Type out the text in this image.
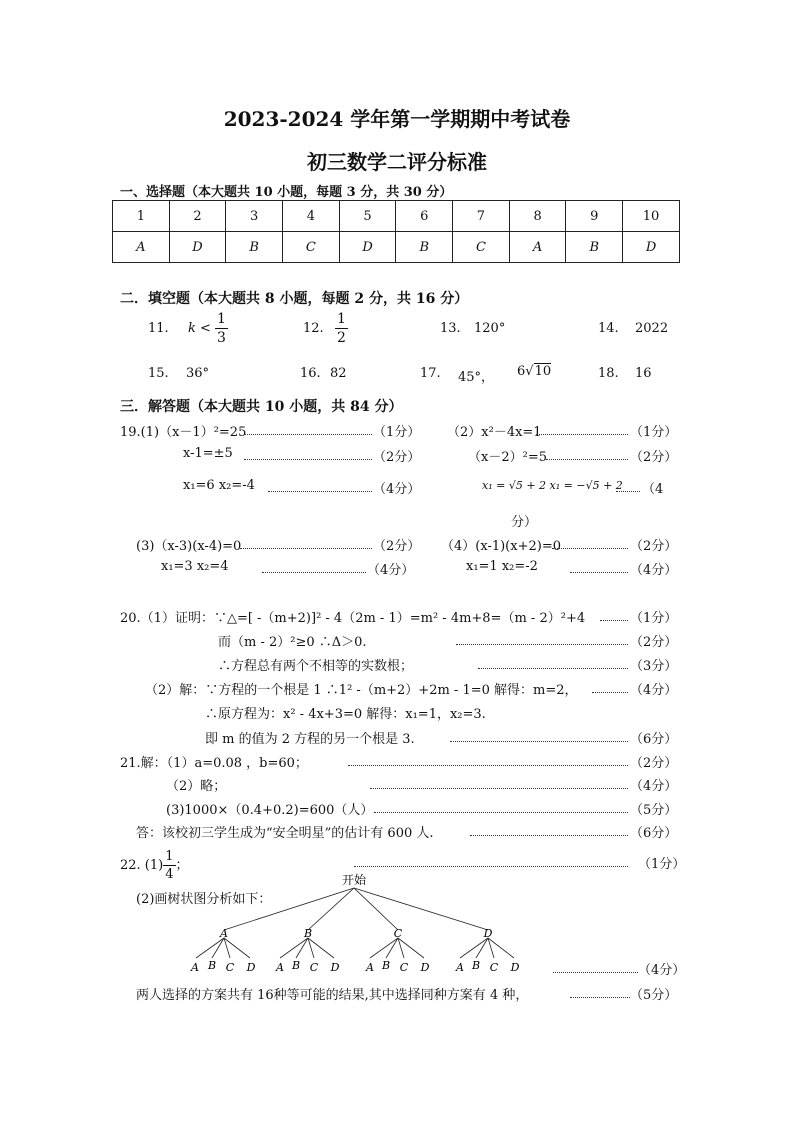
2023-2024 学年第一学期期中考试卷
初三数学二评分标准
一、选择题（本大题共 10 小题，每题 3 分，共 30 分）
1	2	3	4	5	6	7	8	9	10
A	D	B	C	D	B	C	A	B	D
二．填空题（本大题共 8 小题，每题 2 分，共 16 分）
11. $k < \frac{1}{3}$	12. $\frac{1}{2}$	13. 120°	14. 2022
15. 36°	16. 82	17. 45°， 6√10	18. 16
三．解答题（本大题共 10 小题，共 84 分）
19.(1)（x－1）²=25	（1分） （2）x²－4x=1	（1分）
x-1=±5	（2分）	（x－2）²=5	（2分）
x₁=6 x₂=-4	（4分）	x₁ = √5 + 2 x₁ = −√5 + 2 （4
分）
(3)（x-3)(x-4)=0	（2分） （4）(x-1)(x+2)=0	（2分）
x₁=3 x₂=4	（4分）	x₁=1 x₂=-2	（4分）
20.（1）证明：∵△=[ -（m+2)]² - 4（2m - 1）=m² - 4m+8=（m - 2）²+4	（1分）
而（m - 2）²≥0 ∴Δ＞0.	（2分）
∴方程总有两个不相等的实数根；	（3分）
（2）解：∵方程的一个根是 1 ∴1² -（m+2）+2m - 1=0 解得：m=2，	（4分）
∴原方程为：x² - 4x+3=0 解得：x₁=1，x₂=3.
即 m 的值为 2 方程的另一个根是 3.	（6分）
21.解：（1）a=0.08 ，b=60；	（2分）
（2）略；	（4分）
(3)1000×（0.4+0.2)=600（人）	（5分）
答：该校初三学生成为“安全明星”的估计有 600 人.	（6分）
22. $(1) \frac{1}{4}$ ；	（1分）
(2)画树状图分析如下：
开始
A	B	C	D
A B C D A B C D A B C D A B C D	（4分）
两人选择的方案共有 16种等可能的结果,其中选择同种方案有 4 种，	（5分）
